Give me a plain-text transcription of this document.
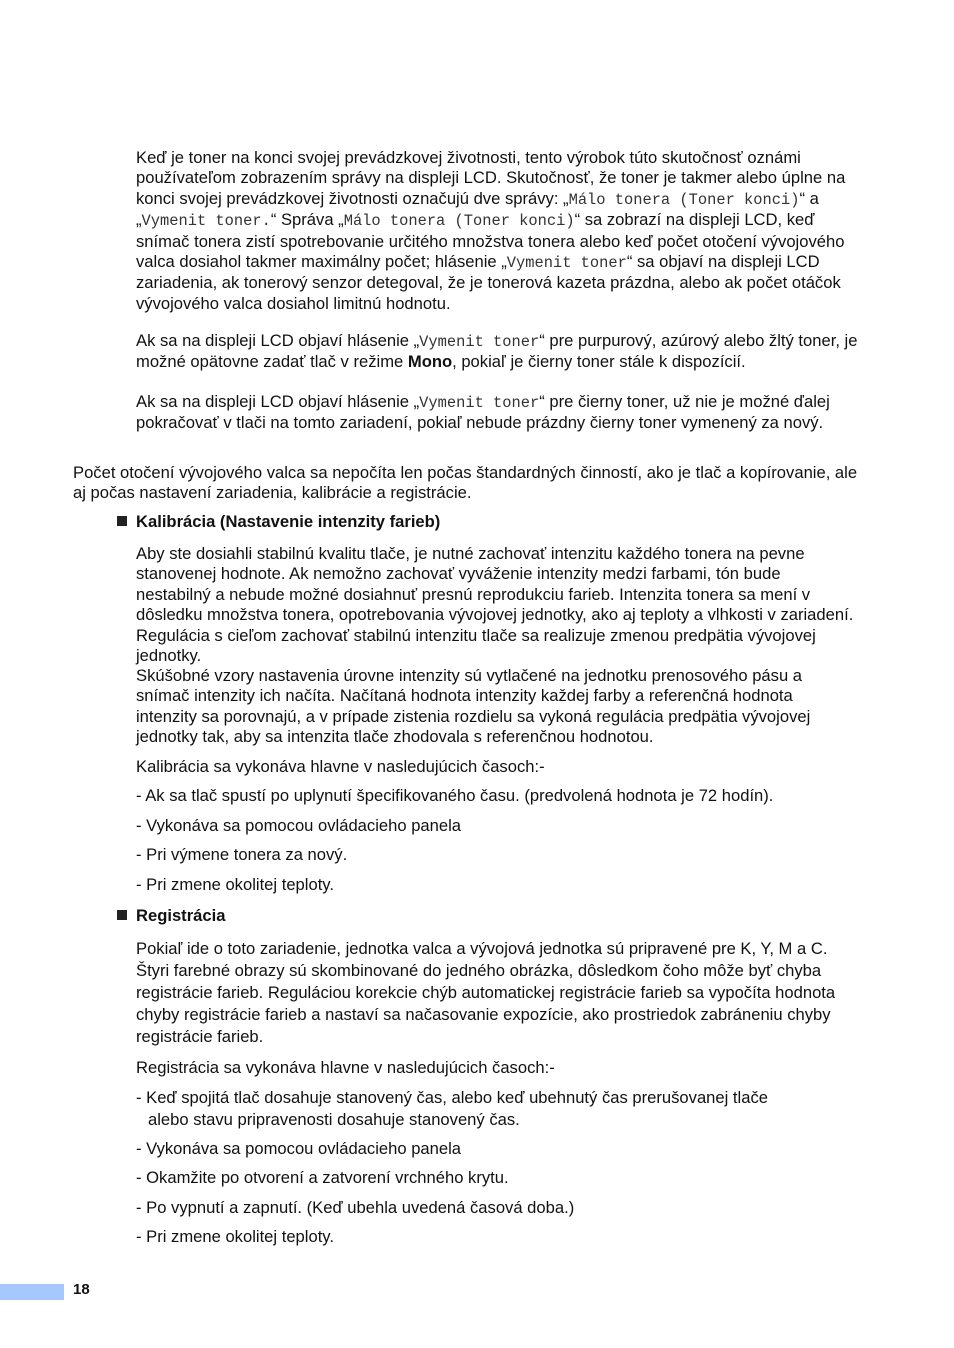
Keď je toner na konci svojej prevádzkovej životnosti, tento výrobok túto skutočnosť oznámi používateľom zobrazením správy na displeji LCD. Skutočnosť, že toner je takmer alebo úplne na konci svojej prevádzkovej životnosti označujú dve správy: „Málo tonera (Toner konci)“ a „Vymenit toner.“ Správa „Málo tonera (Toner konci)“ sa zobrazí na displeji LCD, keď snímač tonera zistí spotrebovanie určitého množstva tonera alebo keď počet otočení vývojového valca dosiahol takmer maximálny počet; hlásenie „Vymenit toner“ sa objaví na displeji LCD zariadenia, ak tonerový senzor detegoval, že je tonerová kazeta prázdna, alebo ak počet otáčok vývojového valca dosiahol limitnú hodnotu.

Ak sa na displeji LCD objaví hlásenie „Vymenit toner“ pre purpurový, azúrový alebo žltý toner, je možné opätovne zadať tlač v režime Mono, pokiaľ je čierny toner stále k dispozícií.

Ak sa na displeji LCD objaví hlásenie „Vymenit toner“ pre čierny toner, už nie je možné ďalej pokračovať v tlači na tomto zariadení, pokiaľ nebude prázdny čierny toner vymenený za nový.

Počet otočení vývojového valca sa nepočíta len počas štandardných činností, ako je tlač a kopírovanie, ale aj počas nastavení zariadenia, kalibrácie a registrácie.

Kalibrácia (Nastavenie intenzity farieb)

Aby ste dosiahli stabilnú kvalitu tlače, je nutné zachovať intenzitu každého tonera na pevne stanovenej hodnote. Ak nemožno zachovať vyváženie intenzity medzi farbami, tón bude nestabilný a nebude možné dosiahnuť presnú reprodukciu farieb. Intenzita tonera sa mení v dôsledku množstva tonera, opotrebovania vývojovej jednotky, ako aj teploty a vlhkosti v zariadení. Regulácia s cieľom zachovať stabilnú intenzitu tlače sa realizuje zmenou predpätia vývojovej jednotky.

Skúšobné vzory nastavenia úrovne intenzity sú vytlačené na jednotku prenosového pásu a snímač intenzity ich načíta. Načítaná hodnota intenzity každej farby a referenčná hodnota intenzity sa porovnajú, a v prípade zistenia rozdielu sa vykoná regulácia predpätia vývojovej jednotky tak, aby sa intenzita tlače zhodovala s referenčnou hodnotou.

Kalibrácia sa vykonáva hlavne v nasledujúcich časoch:-

- Ak sa tlač spustí po uplynutí špecifikovaného času. (predvolená hodnota je 72 hodín).

- Vykonáva sa pomocou ovládacieho panela

- Pri výmene tonera za nový.

- Pri zmene okolitej teploty.

Registrácia

Pokiaľ ide o toto zariadenie, jednotka valca a vývojová jednotka sú pripravené pre K, Y, M a C. Štyri farebné obrazy sú skombinované do jedného obrázka, dôsledkom čoho môže byť chyba registrácie farieb. Reguláciou korekcie chýb automatickej registrácie farieb sa vypočíta hodnota chyby registrácie farieb a nastaví sa načasovanie expozície, ako prostriedok zabráneniu chyby registrácie farieb.

Registrácia sa vykonáva hlavne v nasledujúcich časoch:-

- Keď spojitá tlač dosahuje stanovený čas, alebo keď ubehnutý čas prerušovanej tlače
alebo stavu pripravenosti dosahuje stanovený čas.

- Vykonáva sa pomocou ovládacieho panela

- Okamžite po otvorení a zatvorení vrchného krytu.

- Po vypnutí a zapnutí. (Keď ubehla uvedená časová doba.)

- Pri zmene okolitej teploty.

18
